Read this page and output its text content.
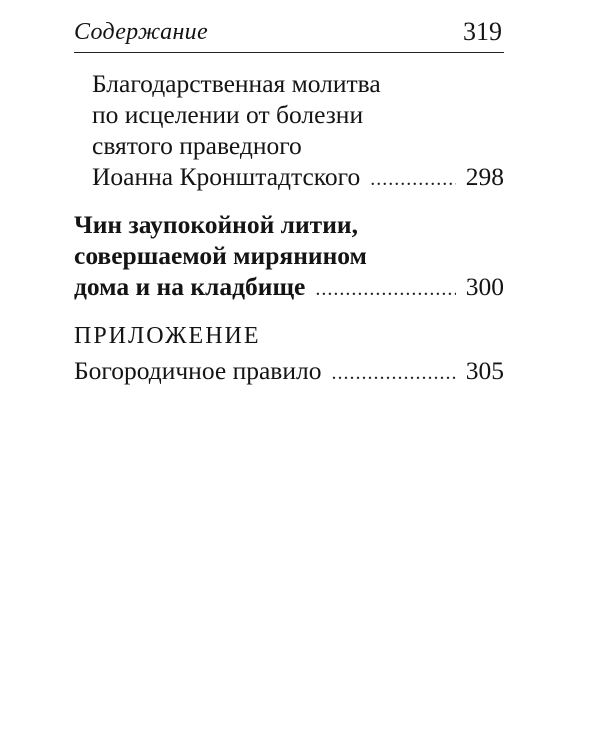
Содержание	319
Благодарственная молитва
по исцелении от болезни
святого праведного
Иоанна Кронштадтского .....	298
Чин заупокойной литии,
совершаемой мирянином
дома и на кладбище .....	300
ПРИЛОЖЕНИЕ
Богородичное правило .....	305
